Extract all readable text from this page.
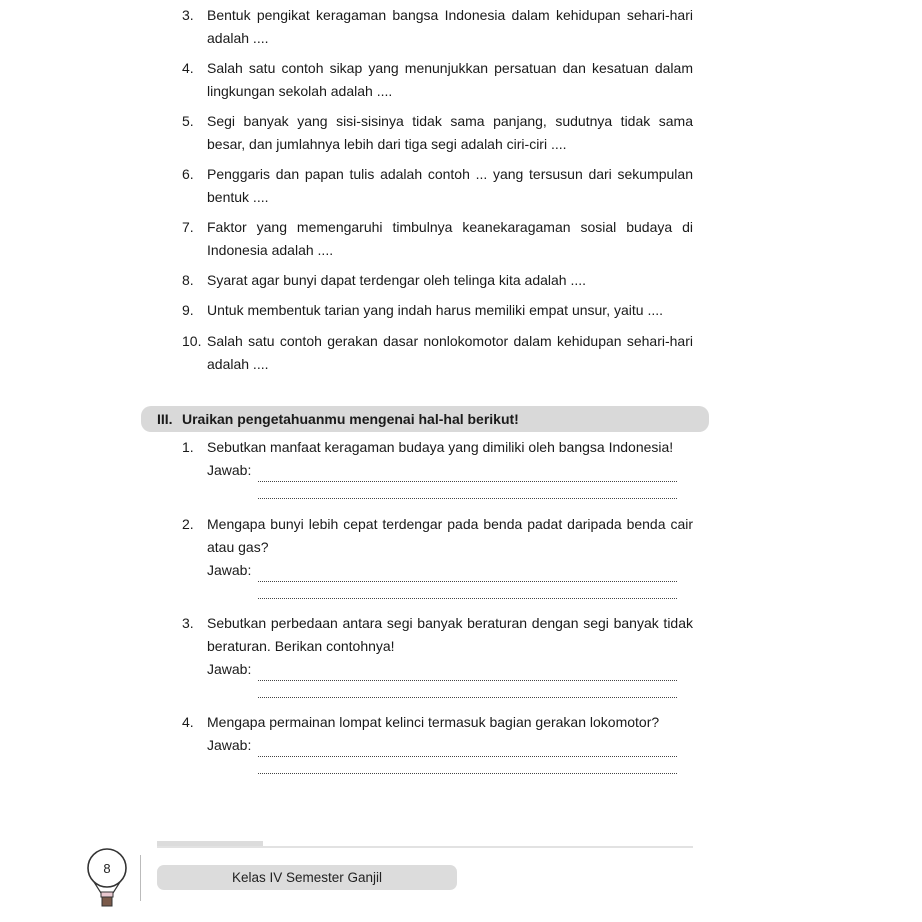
3. Bentuk pengikat keragaman bangsa Indonesia dalam kehidupan sehari-hari adalah ....
4. Salah satu contoh sikap yang menunjukkan persatuan dan kesatuan dalam lingkungan sekolah adalah ....
5. Segi banyak yang sisi-sisinya tidak sama panjang, sudutnya tidak sama besar, dan jumlahnya lebih dari tiga segi adalah ciri-ciri ....
6. Penggaris dan papan tulis adalah contoh ... yang tersusun dari sekumpulan bentuk ....
7. Faktor yang memengaruhi timbulnya keanekaragaman sosial budaya di Indonesia adalah ....
8. Syarat agar bunyi dapat terdengar oleh telinga kita adalah ....
9. Untuk membentuk tarian yang indah harus memiliki empat unsur, yaitu ....
10. Salah satu contoh gerakan dasar nonlokomotor dalam kehidupan sehari-hari adalah ....
III. Uraikan pengetahuanmu mengenai hal-hal berikut!
1. Sebutkan manfaat keragaman budaya yang dimiliki oleh bangsa Indonesia!
Jawab:
2. Mengapa bunyi lebih cepat terdengar pada benda padat daripada benda cair atau gas?
Jawab:
3. Sebutkan perbedaan antara segi banyak beraturan dengan segi banyak tidak beraturan. Berikan contohnya!
Jawab:
4. Mengapa permainan lompat kelinci termasuk bagian gerakan lokomotor?
Jawab:
8
Kelas IV Semester Ganjil
